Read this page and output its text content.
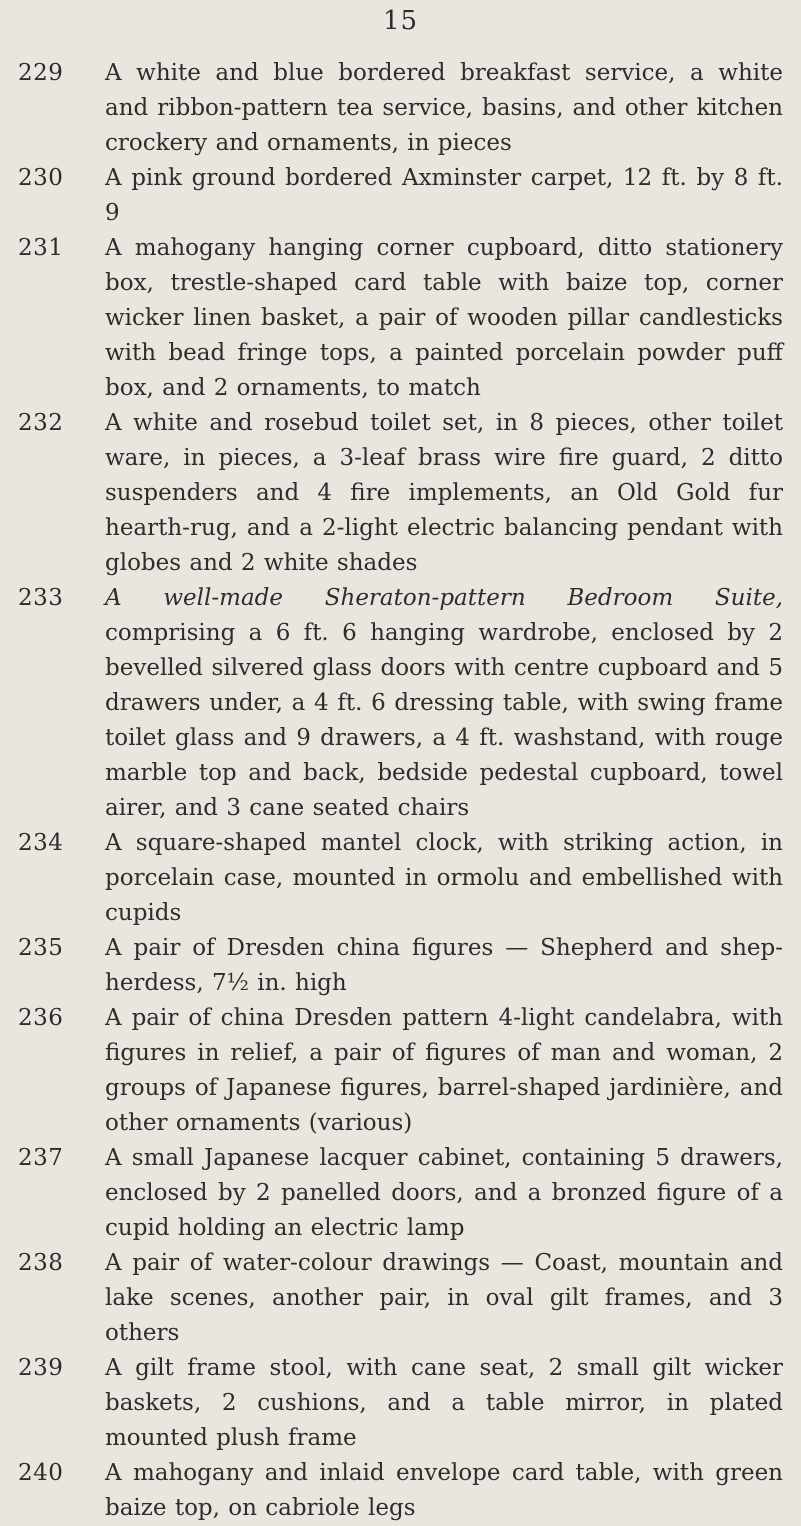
15
229	A white and blue bordered breakfast service, a white and ribbon-pattern tea service, basins, and other kitchen crockery and ornaments, in pieces
230	A pink ground bordered Axminster carpet, 12 ft. by 8 ft. 9
231	A mahogany hanging corner cupboard, ditto stationery box, trestle-shaped card table with baize top, corner wicker linen basket, a pair of wooden pillar candlesticks with bead fringe tops, a painted porcelain powder puff box, and 2 ornaments, to match
232	A white and rosebud toilet set, in 8 pieces, other toilet ware, in pieces, a 3-leaf brass wire fire guard, 2 ditto suspenders and 4 fire implements, an Old Gold fur hearth-rug, and a 2-light electric balancing pendant with globes and 2 white shades
233	A well-made Sheraton-pattern Bedroom Suite, comprising a 6 ft. 6 hanging wardrobe, enclosed by 2 bevelled silvered glass doors with centre cupboard and 5 drawers under, a 4 ft. 6 dressing table, with swing frame toilet glass and 9 drawers, a 4 ft. washstand, with rouge marble top and back, bedside pedestal cupboard, towel airer, and 3 cane seated chairs
234	A square-shaped mantel clock, with striking action, in porcelain case, mounted in ormolu and embellished with cupids
235	A pair of Dresden china figures — Shepherd and shep-herdess, 7½ in. high
236	A pair of china Dresden pattern 4-light candelabra, with figures in relief, a pair of figures of man and woman, 2 groups of Japanese figures, barrel-shaped jardinière, and other ornaments (various)
237	A small Japanese lacquer cabinet, containing 5 drawers, enclosed by 2 panelled doors, and a bronzed figure of a cupid holding an electric lamp
238	A pair of water-colour drawings — Coast, mountain and lake scenes, another pair, in oval gilt frames, and 3 others
239	A gilt frame stool, with cane seat, 2 small gilt wicker baskets, 2 cushions, and a table mirror, in plated mounted plush frame
240	A mahogany and inlaid envelope card table, with green baize top, on cabriole legs
